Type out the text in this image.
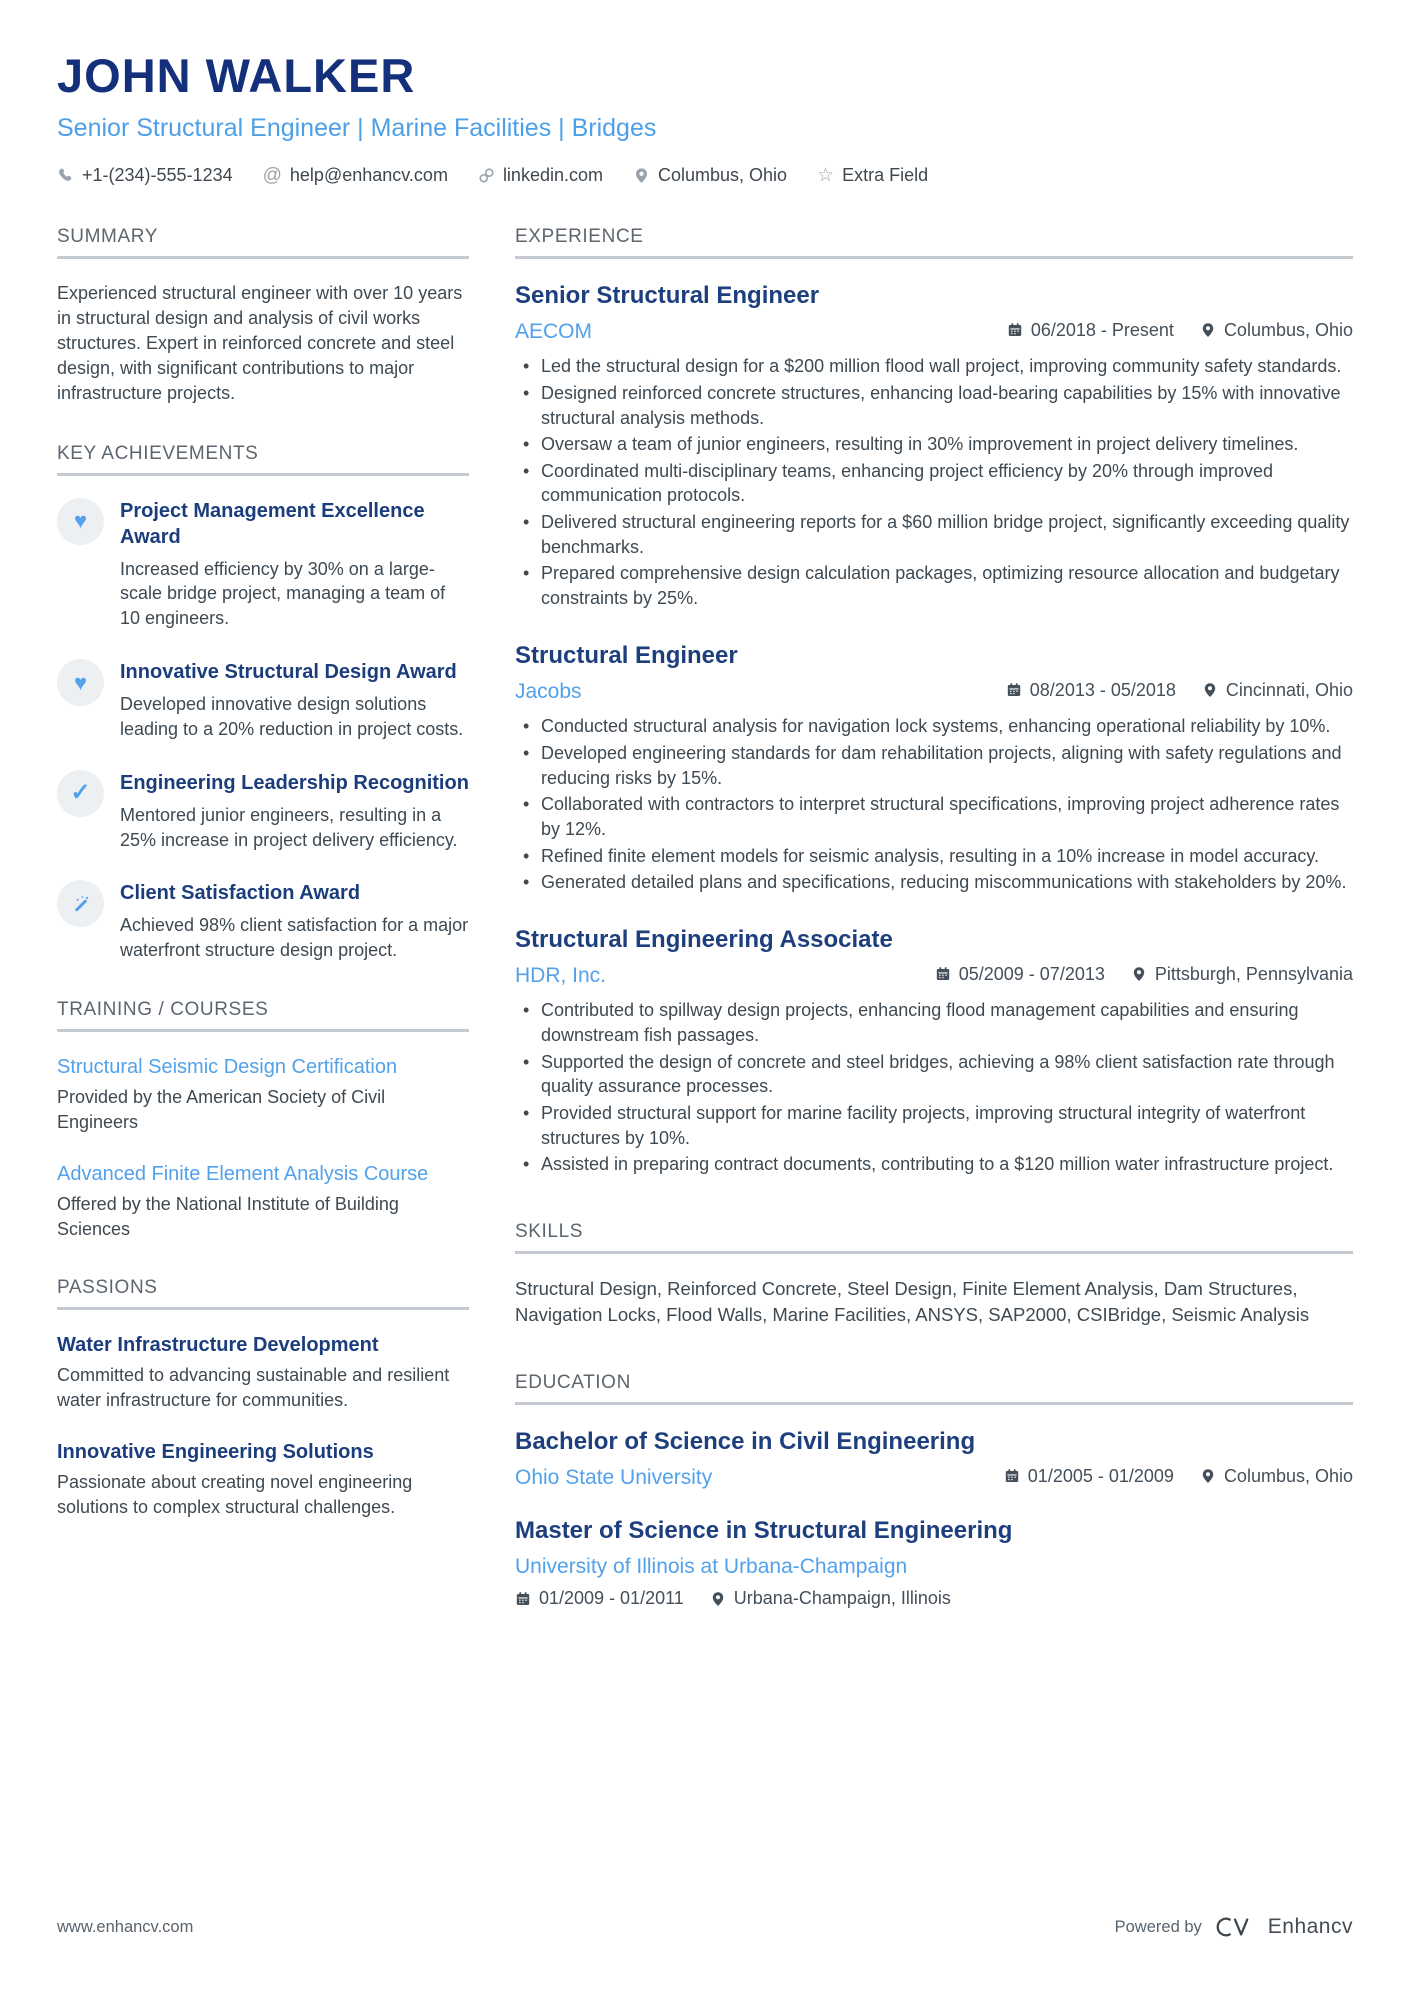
JOHN WALKER
Senior Structural Engineer | Marine Facilities | Bridges
+1-(234)-555-1234 @ help@enhancv.com	linkedin.com	Columbus, Ohio ☆ Extra Field
SUMMARY

Experienced structural engineer with over 10 years in structural design and analysis of civil works structures. Expert in reinforced concrete and steel design, with significant contributions to major infrastructure projects.

KEY ACHIEVEMENTS
♥ Project Management Excellence Award

Increased efficiency by 30% on a large-scale bridge project, managing a team of 10 engineers.

♥ Innovative Structural Design Award

Developed innovative design solutions leading to a 20% reduction in project costs.

✓ Engineering Leadership Recognition

Mentored junior engineers, resulting in a 25% increase in project delivery efficiency.

Client Satisfaction Award

Achieved 98% client satisfaction for a major waterfront structure design project.

TRAINING / COURSES
Structural Seismic Design Certification

Provided by the American Society of Civil Engineers

Advanced Finite Element Analysis Course

Offered by the National Institute of Building Sciences

PASSIONS
Water Infrastructure Development

Committed to advancing sustainable and resilient water infrastructure for communities.

Innovative Engineering Solutions

Passionate about creating novel engineering solutions to complex structural challenges.

EXPERIENCE
Senior Structural Engineer
AECOM	06/2018 - Present	Columbus, Ohio
• Led the structural design for a $200 million flood wall project, improving community safety standards.
• Designed reinforced concrete structures, enhancing load-bearing capabilities by 15% with innovative structural analysis methods.
• Oversaw a team of junior engineers, resulting in 30% improvement in project delivery timelines.
• Coordinated multi-disciplinary teams, enhancing project efficiency by 20% through improved communication protocols.
• Delivered structural engineering reports for a $60 million bridge project, significantly exceeding quality benchmarks.
• Prepared comprehensive design calculation packages, optimizing resource allocation and budgetary constraints by 25%.
Structural Engineer
Jacobs	08/2013 - 05/2018	Cincinnati, Ohio
• Conducted structural analysis for navigation lock systems, enhancing operational reliability by 10%.
• Developed engineering standards for dam rehabilitation projects, aligning with safety regulations and reducing risks by 15%.
• Collaborated with contractors to interpret structural specifications, improving project adherence rates by 12%.
• Refined finite element models for seismic analysis, resulting in a 10% increase in model accuracy.
• Generated detailed plans and specifications, reducing miscommunications with stakeholders by 20%.
Structural Engineering Associate
HDR, Inc.	05/2009 - 07/2013	Pittsburgh, Pennsylvania
• Contributed to spillway design projects, enhancing flood management capabilities and ensuring downstream fish passages.
• Supported the design of concrete and steel bridges, achieving a 98% client satisfaction rate through quality assurance processes.
• Provided structural support for marine facility projects, improving structural integrity of waterfront structures by 10%.
• Assisted in preparing contract documents, contributing to a $120 million water infrastructure project.
SKILLS

Structural Design, Reinforced Concrete, Steel Design, Finite Element Analysis, Dam Structures, Navigation Locks, Flood Walls, Marine Facilities, ANSYS, SAP2000, CSIBridge, Seismic Analysis

EDUCATION
Bachelor of Science in Civil Engineering
Ohio State University	01/2005 - 01/2009	Columbus, Ohio
Master of Science in Structural Engineering
University of Illinois at Urbana-Champaign
01/2009 - 01/2011	Urbana-Champaign, Illinois
www.enhancv.com	Powered by	Enhancv
